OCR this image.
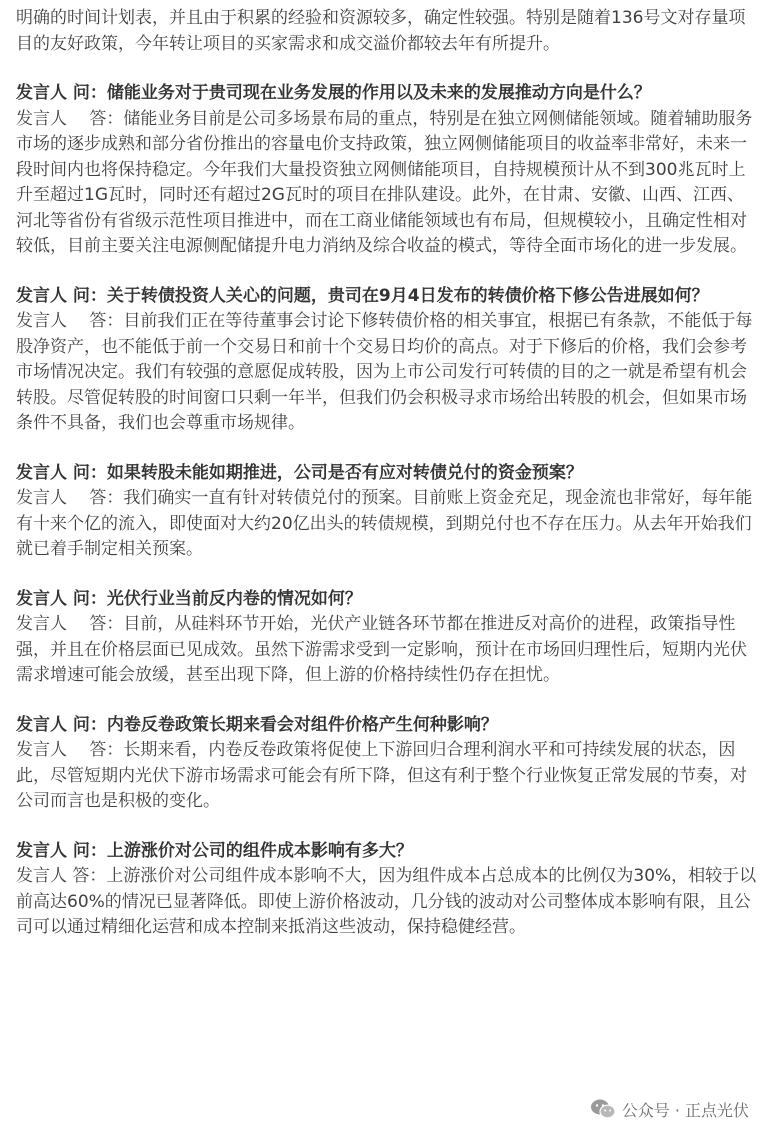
明确的时间计划表，并且由于积累的经验和资源较多，确定性较强。特别是随着136号文对存量项目的友好政策，今年转让项目的买家需求和成交溢价都较去年有所提升。

发言人 问：储能业务对于贵司现在业务发展的作用以及未来的发展推动方向是什么？

发言人　 答：储能业务目前是公司多场景布局的重点，特别是在独立网侧储能领域。随着辅助服务市场的逐步成熟和部分省份推出的容量电价支持政策，独立网侧储能项目的收益率非常好，未来一段时间内也将保持稳定。今年我们大量投资独立网侧储能项目，自持规模预计从不到300兆瓦时上升至超过1G瓦时，同时还有超过2G瓦时的项目在排队建设。此外，在甘肃、安徽、山西、江西、河北等省份有省级示范性项目推进中，而在工商业储能领域也有布局，但规模较小，且确定性相对较低，目前主要关注电源侧配储提升电力消纳及综合收益的模式，等待全面市场化的进一步发展。

发言人 问：关于转债投资人关心的问题，贵司在9月4日发布的转债价格下修公告进展如何？

发言人　 答：目前我们正在等待董事会讨论下修转债价格的相关事宜，根据已有条款，不能低于每股净资产，也不能低于前一个交易日和前十个交易日均价的高点。对于下修后的价格，我们会参考市场情况决定。我们有较强的意愿促成转股，因为上市公司发行可转债的目的之一就是希望有机会转股。尽管促转股的时间窗口只剩一年半，但我们仍会积极寻求市场给出转股的机会，但如果市场条件不具备，我们也会尊重市场规律。

发言人 问：如果转股未能如期推进，公司是否有应对转债兑付的资金预案？

发言人　 答：我们确实一直有针对转债兑付的预案。目前账上资金充足，现金流也非常好，每年能有十来个亿的流入，即使面对大约20亿出头的转债规模，到期兑付也不存在压力。从去年开始我们就已着手制定相关预案。

发言人 问：光伏行业当前反内卷的情况如何？

发言人　 答：目前，从硅料环节开始，光伏产业链各环节都在推进反对高价的进程，政策指导性强，并且在价格层面已见成效。虽然下游需求受到一定影响，预计在市场回归理性后，短期内光伏需求增速可能会放缓，甚至出现下降，但上游的价格持续性仍存在担忧。

发言人 问：内卷反卷政策长期来看会对组件价格产生何种影响？

发言人　 答：长期来看，内卷反卷政策将促使上下游回归合理利润水平和可持续发展的状态，因此，尽管短期内光伏下游市场需求可能会有所下降，但这有利于整个行业恢复正常发展的节奏，对公司而言也是积极的变化。

发言人 问：上游涨价对公司的组件成本影响有多大？

发言人 答：上游涨价对公司组件成本影响不大，因为组件成本占总成本的比例仅为30%，相较于以前高达60%的情况已显著降低。即使上游价格波动，几分钱的波动对公司整体成本影响有限，且公司可以通过精细化运营和成本控制来抵消这些波动，保持稳健经营。

公众号 · 正点光伏
